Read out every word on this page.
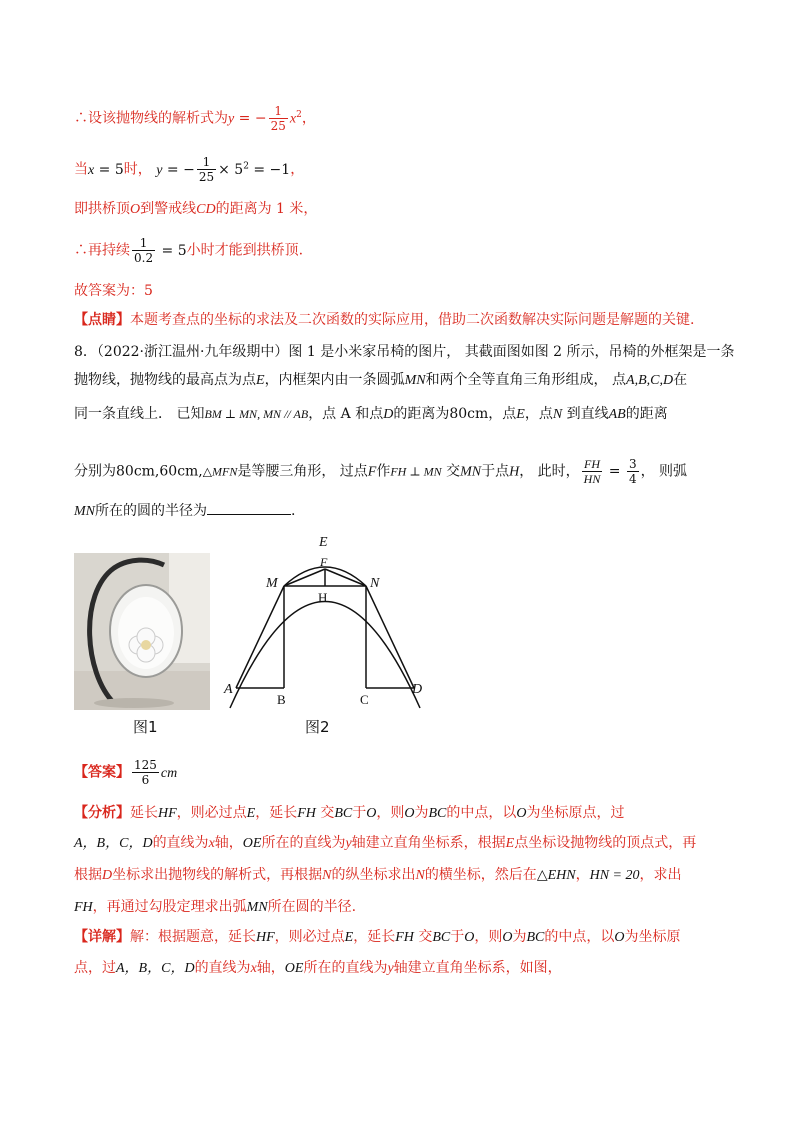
∴设该抛物线的解析式为y = − $\frac{1}{25} x^2$，
当x = 5时， y = − $\frac{1}{25} \times 5^2 = -1$，
即拱桥顶O到警戒线CD的距离为 1 米，
∴再持续 $\frac{1}{0.2} = 5$小时才能到拱桥顶.
故答案为：5
【点睛】本题考查点的坐标的求法及二次函数的实际应用，借助二次函数解决实际问题是解题的关键.
8．（2022·浙江温州·九年级期中）图 1 是小米家吊椅的图片， 其截面图如图 2 所示，吊椅的外框架是一条
抛物线，抛物线的最高点为点E，内框架内由一条圆弧MN和两个全等直角三角形组成， 点A,B,C,D在
同一条直线上． 已知BM ⊥ MN, MN // AB，点 A 和点D的距离为80cm，点E，点N 到直线AB的距离
分别为80cm,60cm,△MFN是等腰三角形， 过点F作FH ⊥ MN 交MN于点H， 此时， $\frac{FH}{HN} = \frac{3}{4}$ ， 则弧
MN所在的圆的半径为	.
图1
E
F
M	N
H
A
B	C
D
图2
【答案】 $\frac{125}{6}$ cm
【分析】延长HF，则必过点E，延长FH 交BC于O，则O为BC的中点，以O为坐标原点，过
A，B，C，D的直线为x轴，OE所在的直线为y轴建立直角坐标系，根据E点坐标设抛物线的顶点式，再
根据D坐标求出抛物线的解析式，再根据N的纵坐标求出N的横坐标，然后在△EHN，HN = 20，求出
FH，再通过勾股定理求出弧MN所在圆的半径.
【详解】解：根据题意，延长HF，则必过点E，延长FH 交BC于O，则O为BC的中点，以O为坐标原
点，过A，B，C，D的直线为x轴，OE所在的直线为y轴建立直角坐标系，如图，
